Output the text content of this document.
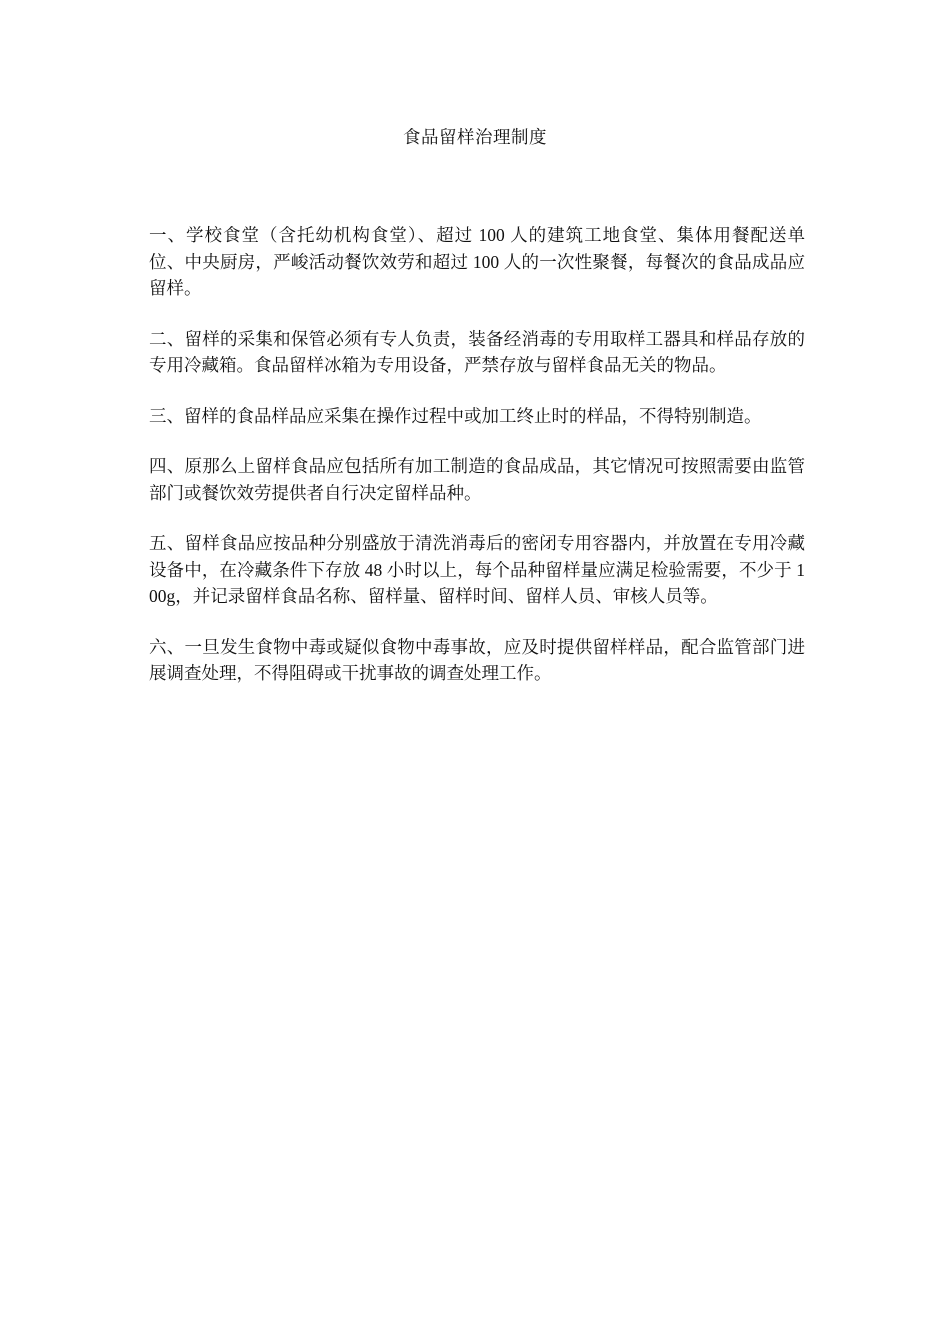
食品留样治理制度

一、学校食堂（含托幼机构食堂）、超过 100 人的建筑工地食堂、集体用餐配送单位、中央厨房，严峻活动餐饮效劳和超过 100 人的一次性聚餐，每餐次的食品成品应留样。

二、留样的采集和保管必须有专人负责，装备经消毒的专用取样工器具和样品存放的专用冷藏箱。食品留样冰箱为专用设备，严禁存放与留样食品无关的物品。

三、留样的食品样品应采集在操作过程中或加工终止时的样品，不得特别制造。

四、原那么上留样食品应包括所有加工制造的食品成品，其它情况可按照需要由监管部门或餐饮效劳提供者自行决定留样品种。

五、留样食品应按品种分别盛放于清洗消毒后的密闭专用容器内，并放置在专用冷藏设备中，在冷藏条件下存放 48 小时以上，每个品种留样量应满足检验需要，不少于 100g，并记录留样食品名称、留样量、留样时间、留样人员、审核人员等。

六、一旦发生食物中毒或疑似食物中毒事故，应及时提供留样样品，配合监管部门进展调查处理，不得阻碍或干扰事故的调查处理工作。
